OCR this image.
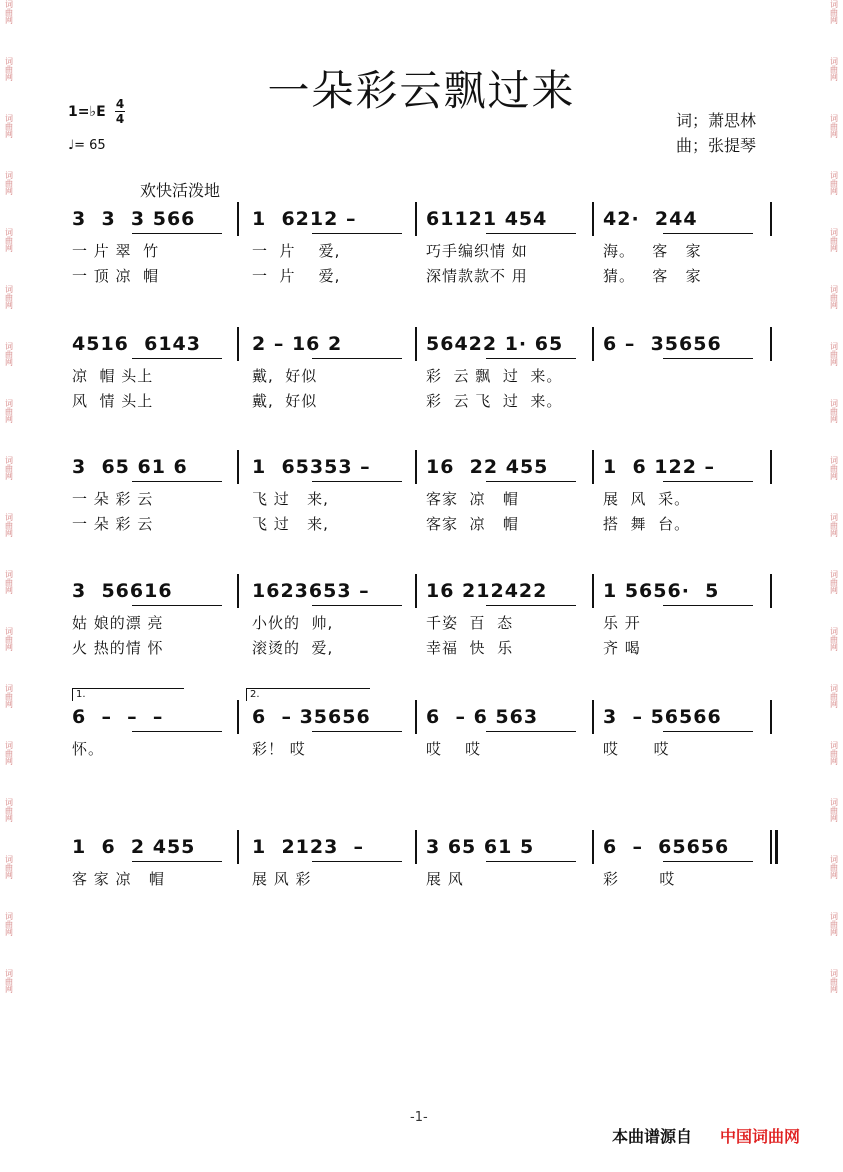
词曲网
词曲网
词曲网
词曲网
词曲网
词曲网
词曲网
词曲网
词曲网
词曲网
词曲网
词曲网
词曲网
词曲网
词曲网
词曲网
词曲网
词曲网
词曲网
词曲网
词曲网
词曲网
词曲网
词曲网
词曲网
词曲网
词曲网
词曲网
词曲网
词曲网
词曲网
词曲网
词曲网
词曲网
词曲网
词曲网
一朵彩云飘过来
1=♭E 4
4
♩= 65
词；萧思林
曲；张提琴
欢快活泼地
3  3  3 566
一 片 翠  竹
一 顶 凉  帽
1  6212 –
一  片    爱,
一  片    爱,
61121 454
巧手编织情 如
深情款款不 用
42·  244
海。   客   家
猜。   客   家
4516  6143
凉  帽 头上
风  情 头上
2 – 16 2
戴,  好似
戴,  好似
56422 1· 65
彩  云 飘  过  来。
彩  云 飞  过  来。
6 –  35656
3  65 61 6
一 朵 彩 云
一 朵 彩 云
1  65353 –
飞 过   来,
飞 过   来,
16  22 455
客家  凉   帽
客家  凉   帽
1  6 122 –
展  风  采。
搭  舞  台。
3  56616
姑 娘的漂 亮
火 热的情 怀
1623653 –
小伙的  帅,
滚烫的  爱,
16 212422
千姿  百  态
幸福  快  乐
1 5656·  5
乐 开
齐 喝
6  –  –  –
怀。
6  – 35656
彩！ 哎
6  – 6 563
哎    哎
3  – 56566
哎      哎
1.	2.
1  6  2 455
客 家 凉   帽
1  2123  –
展 风 彩
3 65 61 5
展 风
6  –  65656
彩       哎
-1-
本曲谱源自 中国词曲网
